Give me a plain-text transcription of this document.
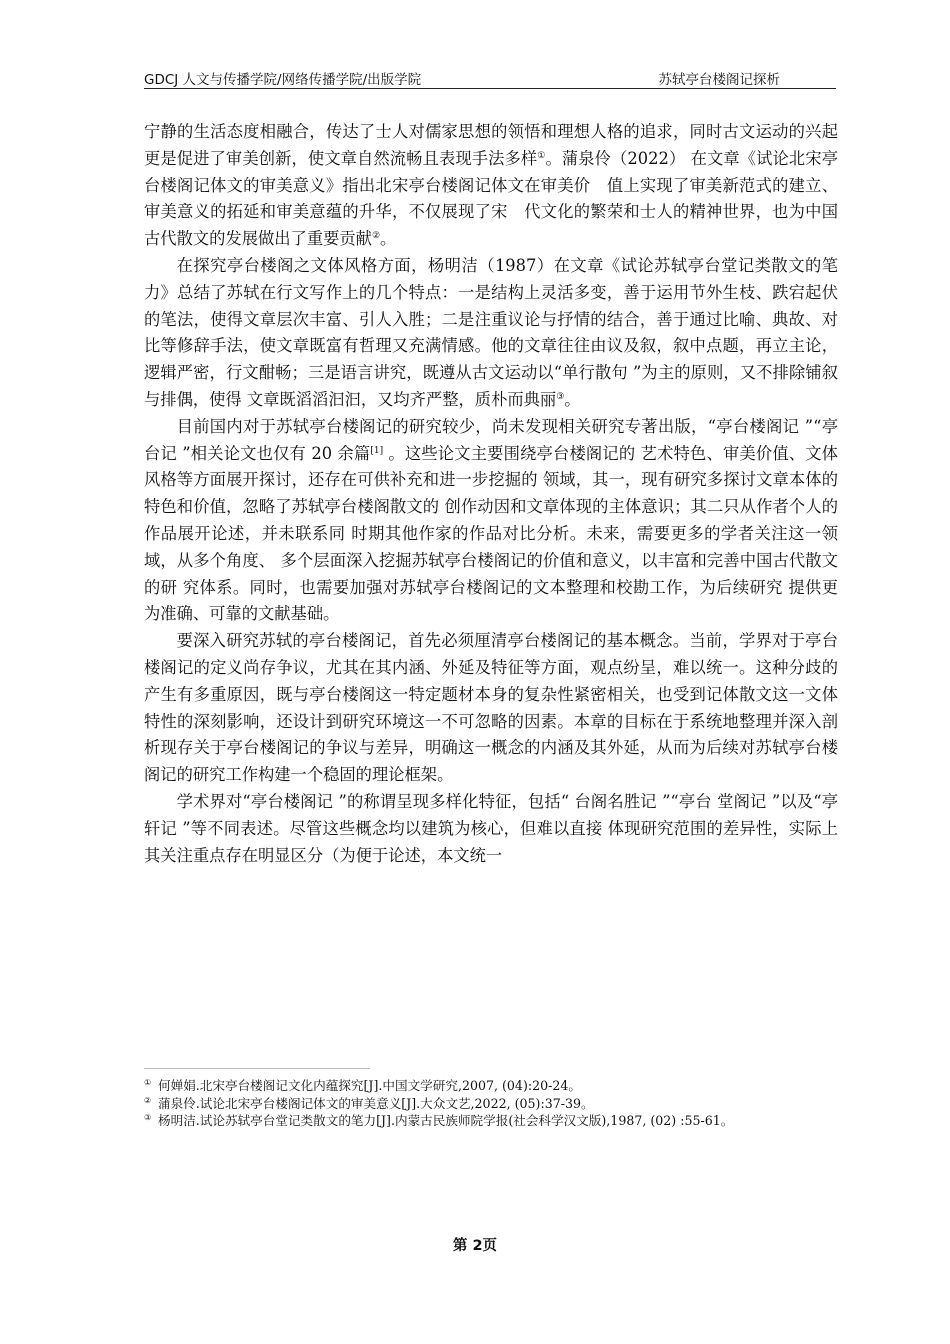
GDCJ 人文与传播学院/网络传播学院/出版学院	苏轼亭台楼阁记探析

宁静的生活态度相融合，传达了士人对儒家思想的领悟和理想人格的追求，同时古文运动的兴起更是促进了审美创新，使文章自然流畅且表现手法多样①。蒲泉伶（2022） 在文章《试论北宋亭台楼阁记体文的审美意义》指出北宋亭台楼阁记体文在审美价　值上实现了审美新范式的建立、审美意义的拓延和审美意蕴的升华，不仅展现了宋　代文化的繁荣和士人的精神世界，也为中国古代散文的发展做出了重要贡献②。

在探究亭台楼阁之文体风格方面，杨明洁（1987）在文章《试论苏轼亭台堂记类散文的笔力》总结了苏轼在行文写作上的几个特点：一是结构上灵活多变，善于运用节外生枝、跌宕起伏的笔法，使得文章层次丰富、引人入胜；二是注重议论与抒情的结合，善于通过比喻、典故、对比等修辞手法，使文章既富有哲理又充满情感。他的文章往往由议及叙，叙中点题，再立主论，逻辑严密，行文酣畅；三是语言讲究，既遵从古文运动以“单行散句 ”为主的原则，又不排除铺叙与排偶，使得 文章既滔滔汩汩，又均齐严整，质朴而典丽③。

目前国内对于苏轼亭台楼阁记的研究较少，尚未发现相关研究专著出版，“亭台楼阁记 ”“亭台记 ”相关论文也仅有 20 余篇[1] 。这些论文主要围绕亭台楼阁记的 艺术特色、审美价值、文体风格等方面展开探讨，还存在可供补充和进一步挖掘的 领域，其一，现有研究多探讨文章本体的特色和价值，忽略了苏轼亭台楼阁散文的 创作动因和文章体现的主体意识；其二只从作者个人的作品展开论述，并未联系同 时期其他作家的作品对比分析。未来，需要更多的学者关注这一领域，从多个角度、 多个层面深入挖掘苏轼亭台楼阁记的价值和意义，以丰富和完善中国古代散文的研 究体系。同时，也需要加强对苏轼亭台楼阁记的文本整理和校勘工作，为后续研究 提供更为准确、可靠的文献基础。

要深入研究苏轼的亭台楼阁记，首先必须厘清亭台楼阁记的基本概念。当前，学界对于亭台楼阁记的定义尚存争议，尤其在其内涵、外延及特征等方面，观点纷呈，难以统一。这种分歧的产生有多重原因，既与亭台楼阁这一特定题材本身的复杂性紧密相关，也受到记体散文这一文体特性的深刻影响，还设计到研究环境这一不可忽略的因素。本章的目标在于系统地整理并深入剖析现存关于亭台楼阁记的争议与差异，明确这一概念的内涵及其外延，从而为后续对苏轼亭台楼阁记的研究工作构建一个稳固的理论框架。

学术界对“亭台楼阁记 ”的称谓呈现多样化特征，包括“ 台阁名胜记 ”“亭台 堂阁记 ”以及“亭轩记 ”等不同表述。尽管这些概念均以建筑为核心，但难以直接 体现研究范围的差异性，实际上其关注重点存在明显区分（为便于论述，本文统一

① 何婵娟.北宋亭台楼阁记文化内蕴探究[J].中国文学研究,2007, (04):20-24。
② 蒲泉伶.试论北宋亭台楼阁记体文的审美意义[J].大众文艺,2022, (05):37-39。
③ 杨明洁.试论苏轼亭台堂记类散文的笔力[J].内蒙古民族师院学报(社会科学汉文版),1987, (02) :55-61。
第 2页
